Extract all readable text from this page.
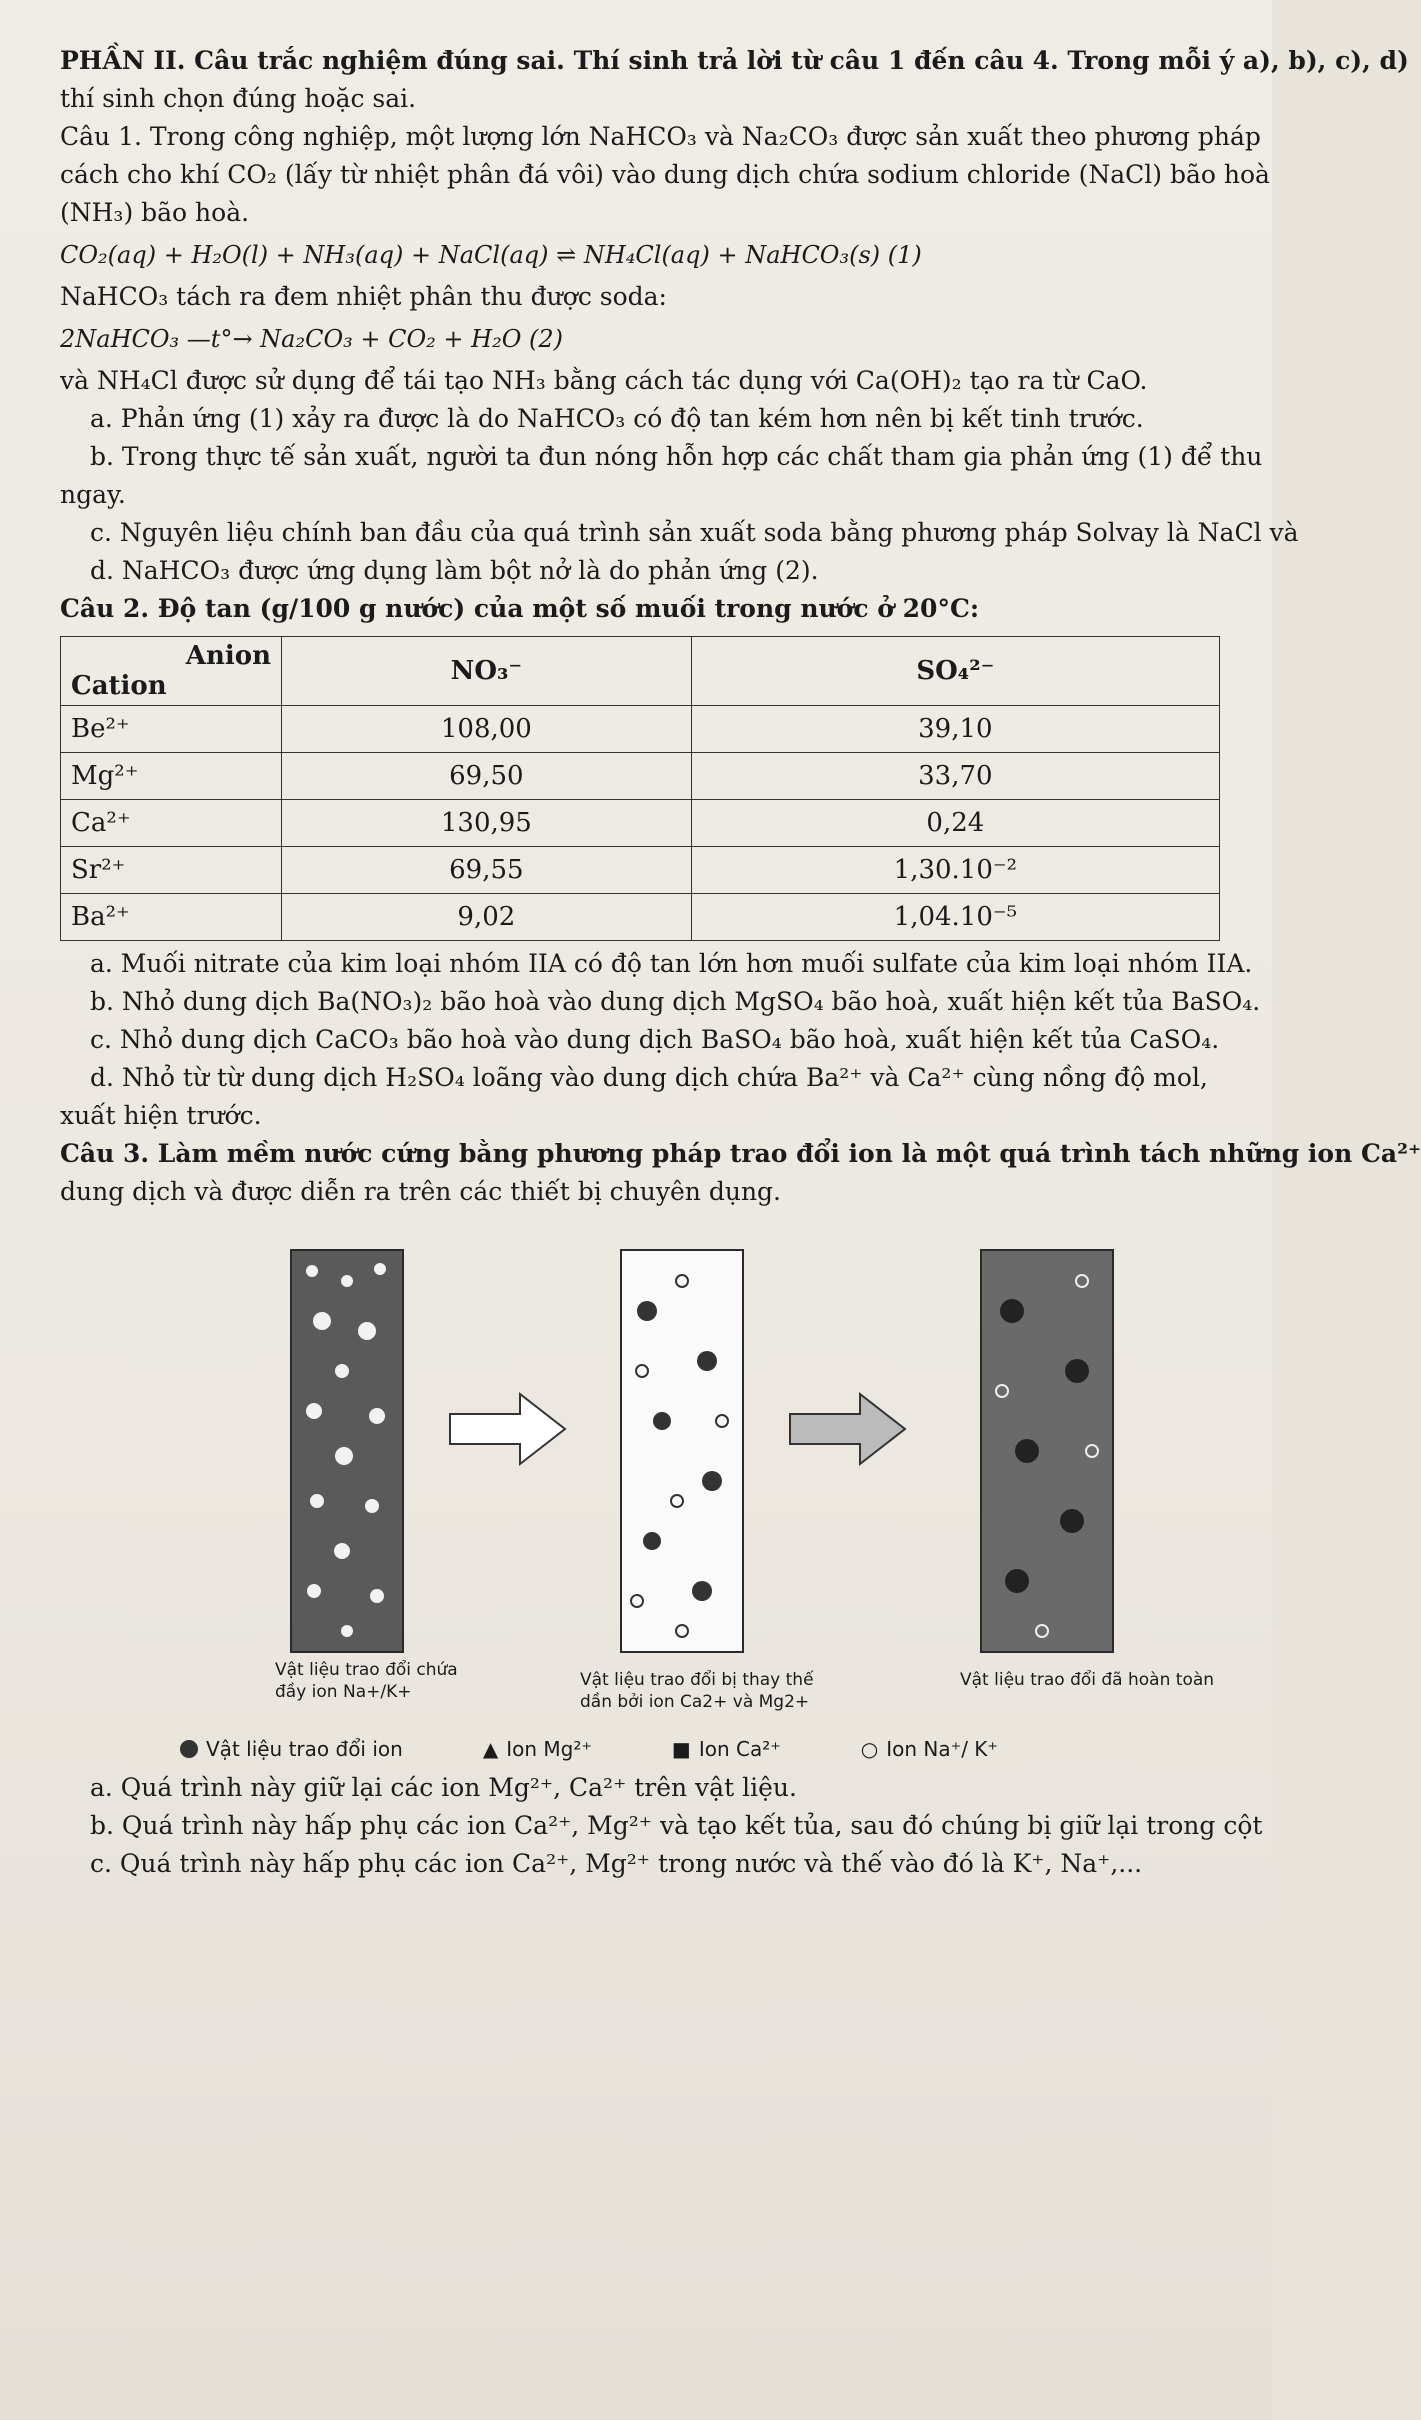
PHẦN II. Câu trắc nghiệm đúng sai. Thí sinh trả lời từ câu 1 đến câu 4. Trong mỗi ý a), b), c), d)
thí sinh chọn đúng hoặc sai.
Câu 1. Trong công nghiệp, một lượng lớn NaHCO₃ và Na₂CO₃ được sản xuất theo phương pháp
cách cho khí CO₂ (lấy từ nhiệt phân đá vôi) vào dung dịch chứa sodium chloride (NaCl) bão hoà
(NH₃) bão hoà.
CO₂(aq) + H₂O(l) + NH₃(aq) + NaCl(aq) ⇌ NH₄Cl(aq) + NaHCO₃(s) (1)
NaHCO₃ tách ra đem nhiệt phân thu được soda:
2NaHCO₃ —t°→ Na₂CO₃ + CO₂ + H₂O (2)
và NH₄Cl được sử dụng để tái tạo NH₃ bằng cách tác dụng với Ca(OH)₂ tạo ra từ CaO.
a. Phản ứng (1) xảy ra được là do NaHCO₃ có độ tan kém hơn nên bị kết tinh trước.
b. Trong thực tế sản xuất, người ta đun nóng hỗn hợp các chất tham gia phản ứng (1) để thu
ngay.
c. Nguyên liệu chính ban đầu của quá trình sản xuất soda bằng phương pháp Solvay là NaCl và
d. NaHCO₃ được ứng dụng làm bột nở là do phản ứng (2).
Câu 2. Độ tan (g/100 g nước) của một số muối trong nước ở 20°C:
Anion
Cation	NO₃⁻	SO₄²⁻
Be²⁺	108,00	39,10
Mg²⁺	69,50	33,70
Ca²⁺	130,95	0,24
Sr²⁺	69,55	1,30.10⁻²
Ba²⁺	9,02	1,04.10⁻⁵
a. Muối nitrate của kim loại nhóm IIA có độ tan lớn hơn muối sulfate của kim loại nhóm IIA.
b. Nhỏ dung dịch Ba(NO₃)₂ bão hoà vào dung dịch MgSO₄ bão hoà, xuất hiện kết tủa BaSO₄.
c. Nhỏ dung dịch CaCO₃ bão hoà vào dung dịch BaSO₄ bão hoà, xuất hiện kết tủa CaSO₄.
d. Nhỏ từ từ dung dịch H₂SO₄ loãng vào dung dịch chứa Ba²⁺ và Ca²⁺ cùng nồng độ mol,
xuất hiện trước.
Câu 3. Làm mềm nước cứng bằng phương pháp trao đổi ion là một quá trình tách những ion Ca²⁺
dung dịch và được diễn ra trên các thiết bị chuyên dụng.
Vật liệu trao đổi chứa đầy ion Na+/K+
Vật liệu trao đổi bị thay thế dần bởi ion Ca2+ và Mg2+
Vật liệu trao đổi đã hoàn toàn
Vật liệu trao đổi ion	▲ Ion Mg²⁺	■ Ion Ca²⁺	○ Ion Na⁺/ K⁺
a. Quá trình này giữ lại các ion Mg²⁺, Ca²⁺ trên vật liệu.
b. Quá trình này hấp phụ các ion Ca²⁺, Mg²⁺ và tạo kết tủa, sau đó chúng bị giữ lại trong cột
c. Quá trình này hấp phụ các ion Ca²⁺, Mg²⁺ trong nước và thế vào đó là K⁺, Na⁺,...
